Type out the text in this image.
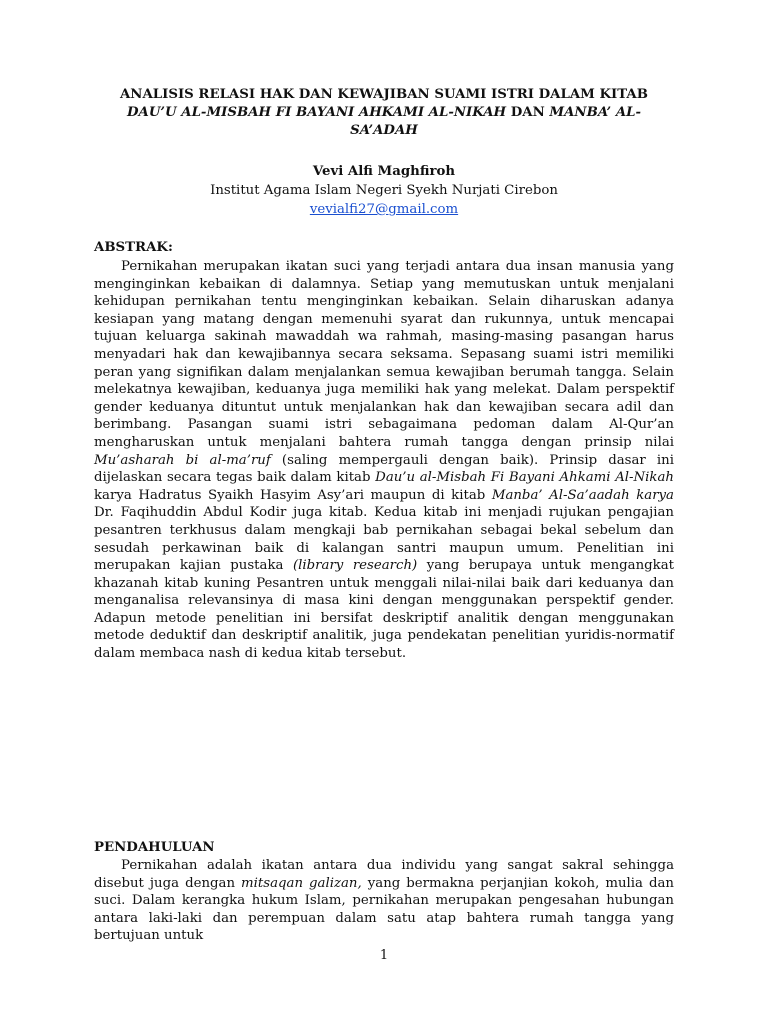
ANALISIS RELASI HAK DAN KEWAJIBAN SUAMI ISTRI DALAM KITAB DAU’U AL-MISBAH FI BAYANI AHKAMI AL-NIKAH DAN MANBA’ AL-SA’ADAH

Vevi Alfi Maghfiroh
Institut Agama Islam Negeri Syekh Nurjati Cirebon
vevialfi27@gmail.com

ABSTRAK:

Pernikahan merupakan ikatan suci yang terjadi antara dua insan manusia yang menginginkan kebaikan di dalamnya. Setiap yang memutuskan untuk menjalani kehidupan pernikahan tentu menginginkan kebaikan. Selain diharuskan adanya kesiapan yang matang dengan memenuhi syarat dan rukunnya, untuk mencapai tujuan keluarga sakinah mawaddah wa rahmah, masing-masing pasangan harus menyadari hak dan kewajibannya secara seksama. Sepasang suami istri memiliki peran yang signifikan dalam menjalankan semua kewajiban berumah tangga. Selain melekatnya kewajiban, keduanya juga memiliki hak yang melekat. Dalam perspektif gender keduanya dituntut untuk menjalankan hak dan kewajiban secara adil dan berimbang. Pasangan suami istri sebagaimana pedoman dalam Al-Qur’an mengharuskan untuk menjalani bahtera rumah tangga dengan prinsip nilai Mu’asharah bi al-ma’ruf (saling mempergauli dengan baik). Prinsip dasar ini dijelaskan secara tegas baik dalam kitab Dau’u al-Misbah Fi Bayani Ahkami Al-Nikah karya Hadratus Syaikh Hasyim Asy’ari maupun di kitab Manba’ Al-Sa’aadah karya Dr. Faqihuddin Abdul Kodir juga kitab. Kedua kitab ini menjadi rujukan pengajian pesantren terkhusus dalam mengkaji bab pernikahan sebagai bekal sebelum dan sesudah perkawinan baik di kalangan santri maupun umum. Penelitian ini merupakan kajian pustaka (library research) yang berupaya untuk mengangkat khazanah kitab kuning Pesantren untuk menggali nilai-nilai baik dari keduanya dan menganalisa relevansinya di masa kini dengan menggunakan perspektif gender. Adapun metode penelitian ini bersifat deskriptif analitik dengan menggunakan metode deduktif dan deskriptif analitik, juga pendekatan penelitian yuridis-normatif dalam membaca nash di kedua kitab tersebut.

PENDAHULUAN

Pernikahan adalah ikatan antara dua individu yang sangat sakral sehingga disebut juga dengan mitsaqan galizan, yang bermakna perjanjian kokoh, mulia dan suci. Dalam kerangka hukum Islam, pernikahan merupakan pengesahan hubungan antara laki-laki dan perempuan dalam satu atap bahtera rumah tangga yang bertujuan untuk

1
